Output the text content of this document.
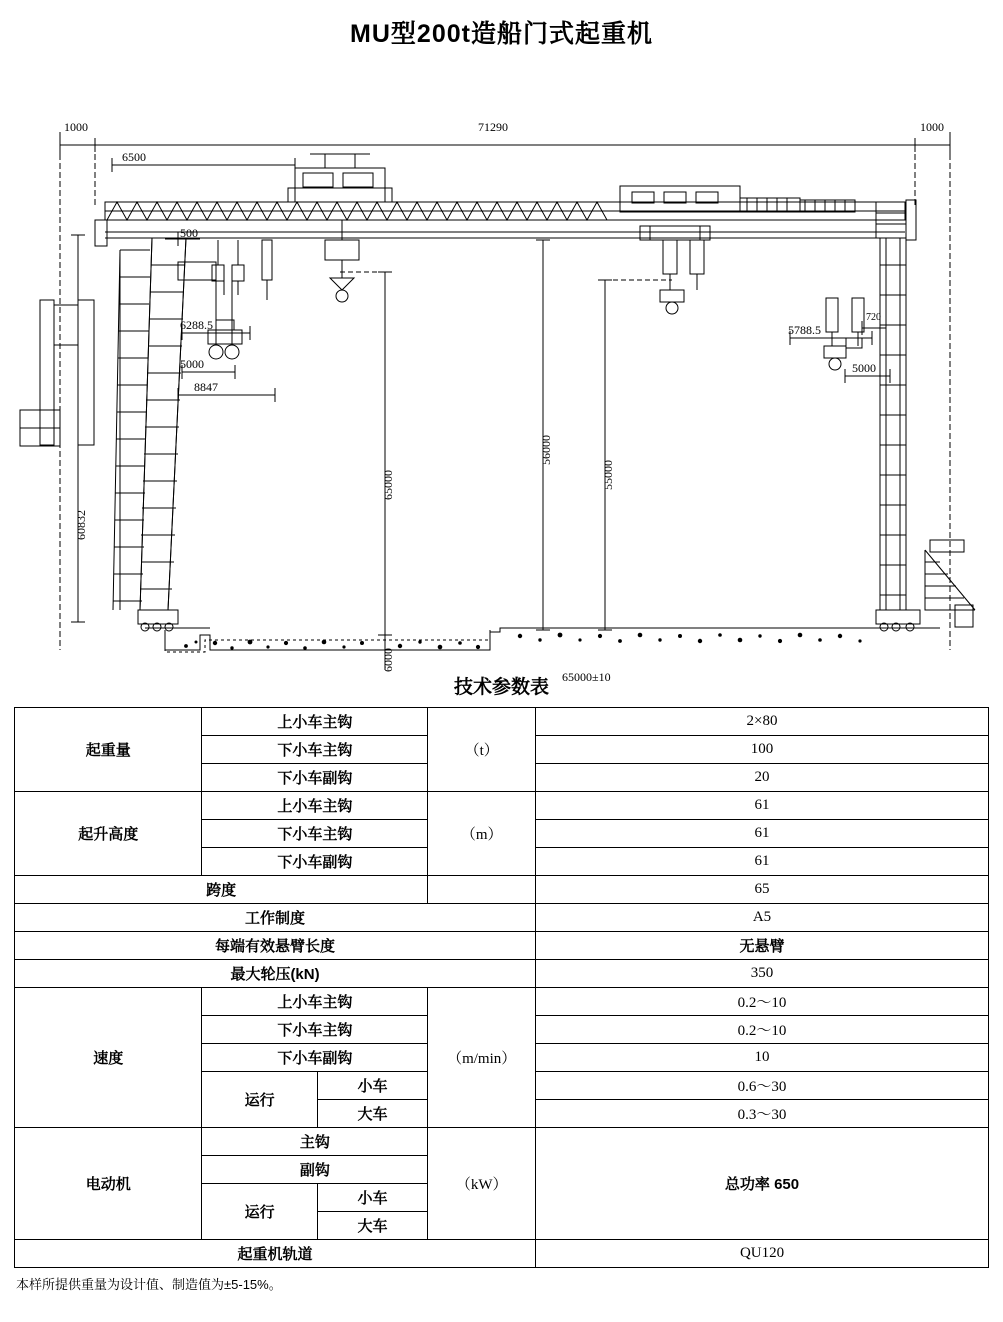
MU型200t造船门式起重机
1000	71290	1000
6500
500
6288.5
5000
8847
5788.5
720
5000
60832
65000
56000
55000
6000
65000±10
技术参数表
起重量	上小车主钩		（t）	2×80
	下小车主钩			100
	下小车副钩			20
起升高度	上小车主钩		（m）	61
	下小车主钩			61
	下小车副钩			61
跨度				65
工作制度				A5
每端有效悬臂长度				无悬臂
最大轮压(kN)				350
速度	上小车主钩		（m/min）	0.2～10
	下小车主钩			0.2～10
	下小车副钩			10
	运行	小车		0.6～30
		大车		0.3～30
电动机	主钩		（kW）	总功率 650
	副钩			
	运行	小车		
		大车		
起重机轨道				QU120
本样所提供重量为设计值、制造值为±5-15%。
